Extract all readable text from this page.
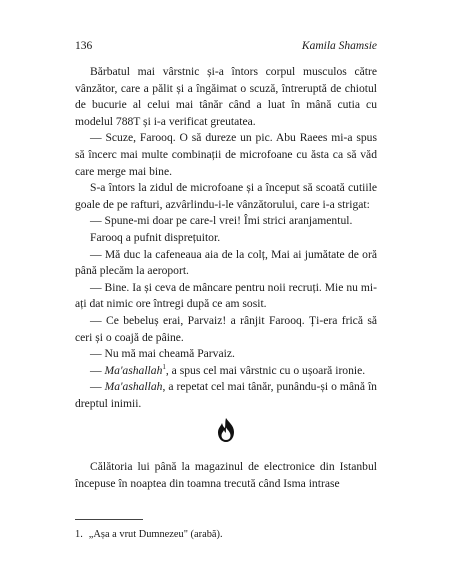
136	Kamila Shamsie

Bărbatul mai vârstnic și-a întors corpul musculos către vânzător, care a pălit și a îngăimat o scuză, întreruptă de chiotul de bucurie al celui mai tânăr când a luat în mână cutia cu modelul 788T și i-a verificat greutatea.

— Scuze, Farooq. O să dureze un pic. Abu Raees mi-a spus să încerc mai multe combinații de microfoane cu ăsta ca să văd care merge mai bine.

S-a întors la zidul de microfoane și a început să scoată cutiile goale de pe rafturi, azvârlindu-i-le vânzătorului, care i-a strigat:

— Spune-mi doar pe care-l vrei! Îmi strici aranjamentul.

Farooq a pufnit disprețuitor.

— Mă duc la cafeneaua aia de la colț, Mai ai jumătate de oră până plecăm la aeroport.

— Bine. Ia și ceva de mâncare pentru noii recruți. Mie nu mi-ați dat nimic ore întregi după ce am sosit.

— Ce bebeluș erai, Parvaiz! a rânjit Farooq. Ți-era frică să ceri și o coajă de pâine.

— Nu mă mai cheamă Parvaiz.

— Ma'ashallah$^1$, a spus cel mai vârstnic cu o ușoară ironie.

— Ma'ashallah, a repetat cel mai tânăr, punându-și o mână în dreptul inimii.

Călătoria lui până la magazinul de electronice din Istanbul începuse în noaptea din toamna trecută când Isma intrase

1. „Așa a vrut Dumnezeu" (arabă).
